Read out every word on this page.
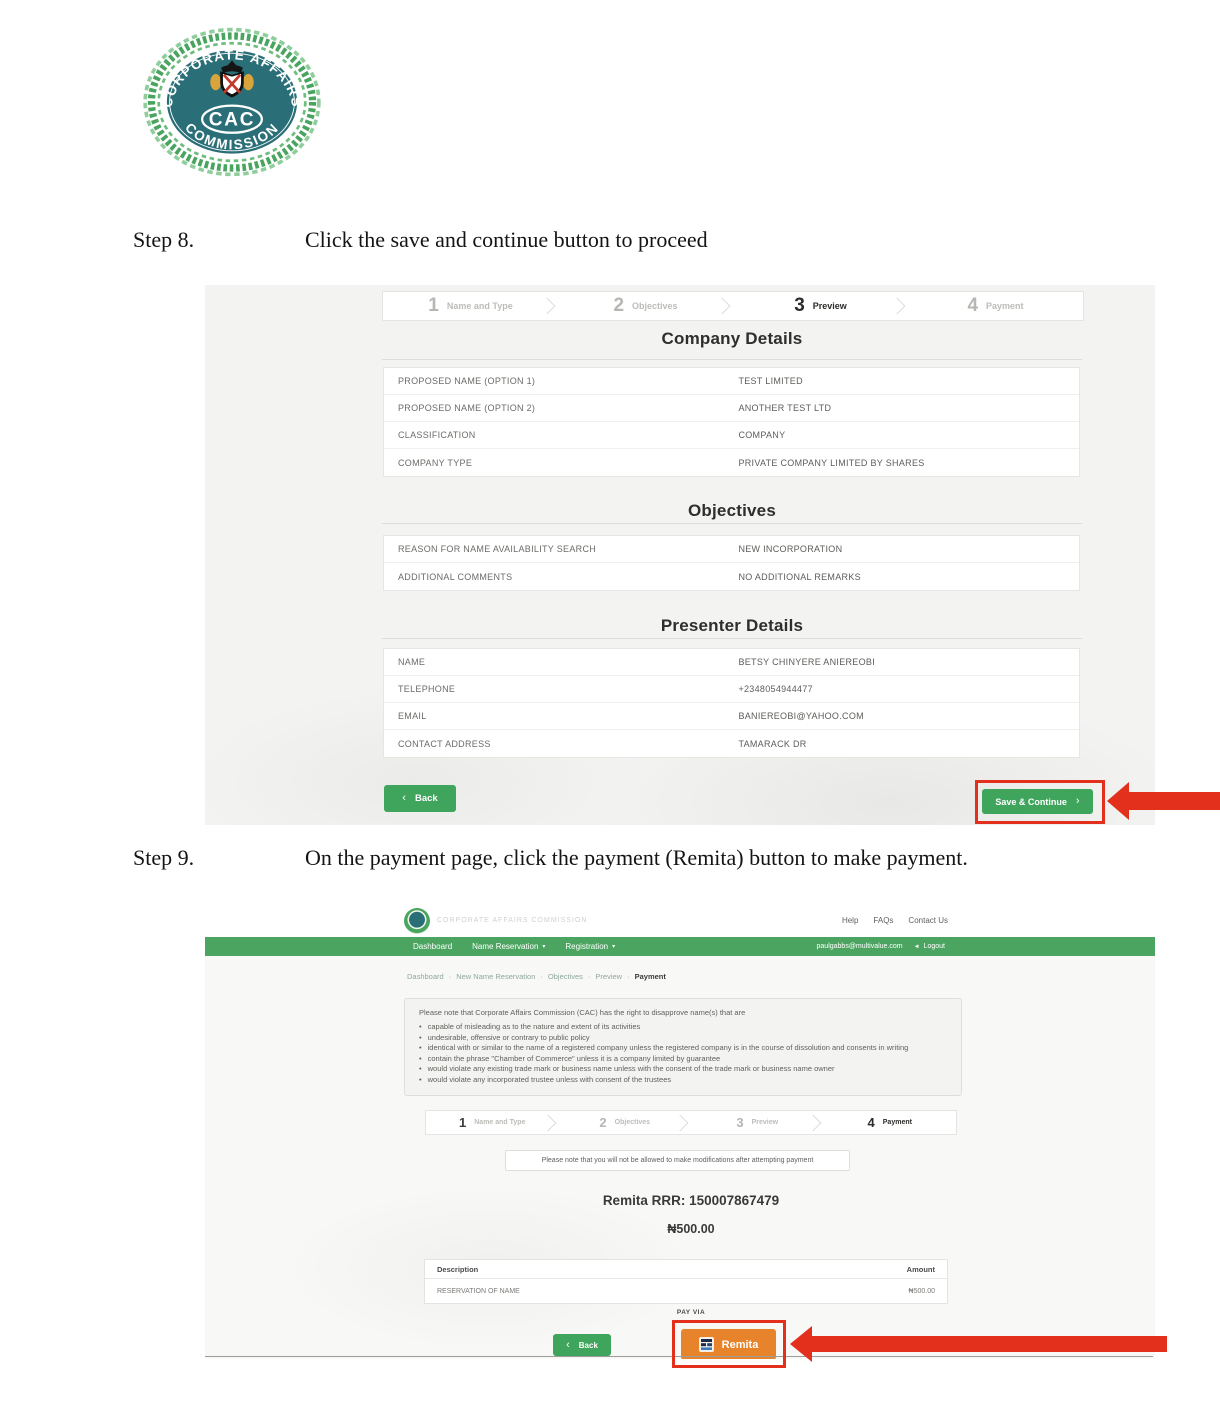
CORPORATE AFFAIRS
COMMISSION
CAC
Step 8.	Click the save and continue button to proceed
1 Name and Type	2 Objectives	3 Preview	4 Payment
Company Details
PROPOSED NAME (OPTION 1)	TEST LIMITED
PROPOSED NAME (OPTION 2)	ANOTHER TEST LTD
CLASSIFICATION	COMPANY
COMPANY TYPE	PRIVATE COMPANY LIMITED BY SHARES
Objectives
REASON FOR NAME AVAILABILITY SEARCH	NEW INCORPORATION
ADDITIONAL COMMENTS	NO ADDITIONAL REMARKS
Presenter Details
NAME	BETSY CHINYERE ANIEREOBI
TELEPHONE	+2348054944477
EMAIL	BANIEREOBI@YAHOO.COM
CONTACT ADDRESS	TAMARACK DR
‹ Back	Save & Continue ›
Step 9.	On the payment page, click the payment (Remita) button to make payment.
CORPORATE AFFAIRS COMMISSION	Help FAQs Contact Us
Dashboard	Name Reservation ▾	Registration ▾	paulgabbs@multivalue.com ◄ Logout
Dashboard · New Name Reservation · Objectives · Preview · Payment
Please note that Corporate Affairs Commission (CAC) has the right to disapprove name(s) that are
• capable of misleading as to the nature and extent of its activities
• undesirable, offensive or contrary to public policy
• identical with or similar to the name of a registered company unless the registered company is in the course of dissolution and consents in writing
• contain the phrase "Chamber of Commerce" unless it is a company limited by guarantee
• would violate any existing trade mark or business name unless with the consent of the trade mark or business name owner
• would violate any incorporated trustee unless with consent of the trustees
1 Name and Type	2 Objectives	3 Preview	4 Payment
Please note that you will not be allowed to make modifications after attempting payment
Remita RRR: 150007867479
₦500.00
Description	Amount
RESERVATION OF NAME	₦500.00
PAY VIA
‹ Back	Remita
